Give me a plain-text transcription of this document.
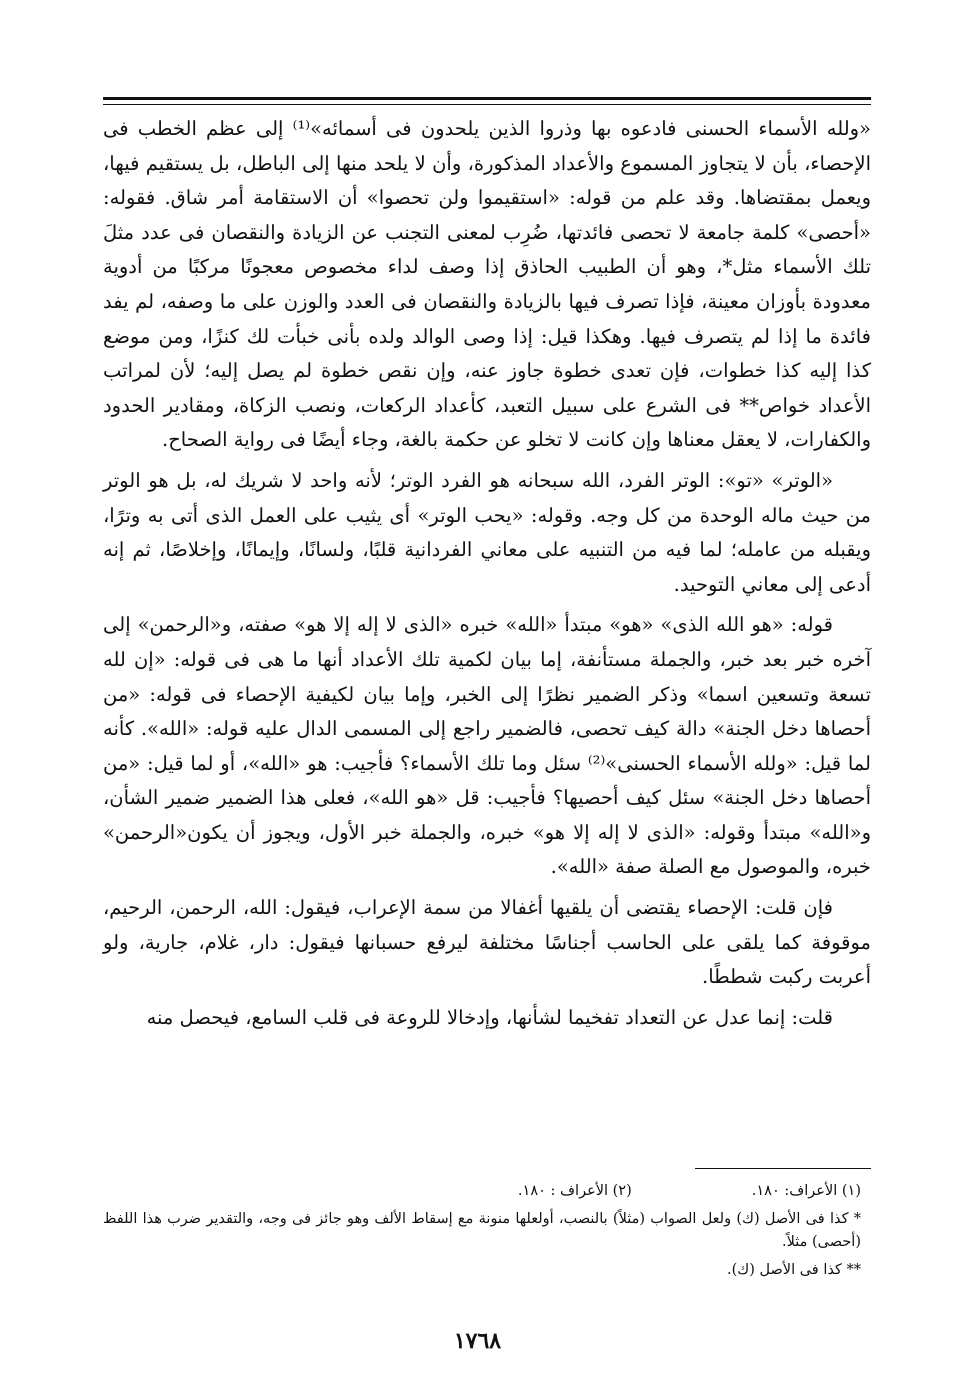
«ولله الأسماء الحسنى فادعوه بها وذروا الذين يلحدون فى أسمائه»⁽¹⁾ إلى عظم الخطب فى الإحصاء، بأن لا يتجاوز المسموع والأعداد المذكورة، وأن لا يلحد منها إلى الباطل، بل يستقيم فيها، ويعمل بمقتضاها. وقد علم من قوله: «استقيموا ولن تحصوا» أن الاستقامة أمر شاق. فقوله: «أحصى» كلمة جامعة لا تحصى فائدتها، ضُرِب لمعنى التجنب عن الزيادة والنقصان فى عدد مثلَ تلك الأسماء مثل*، وهو أن الطبيب الحاذق إذا وصف لداء مخصوص معجونًا مركبًا من أدوية معدودة بأوزان معينة، فإذا تصرف فيها بالزيادة والنقصان فى العدد والوزن على ما وصفه، لم يفد فائدة ما إذا لم يتصرف فيها. وهكذا قيل: إذا وصى الوالد ولده بأنى خبأت لك كنزًا، ومن موضع كذا إليه كذا خطوات، فإن تعدى خطوة جاوز عنه، وإن نقص خطوة لم يصل إليه؛ لأن لمراتب الأعداد خواص** فى الشرع على سبيل التعبد، كأعداد الركعات، ونصب الزكاة، ومقادير الحدود والكفارات، لا يعقل معناها وإن كانت لا تخلو عن حكمة بالغة، وجاء أيضًا فى رواية الصحاح.

«الوتر» «تو»: الوتر الفرد، الله سبحانه هو الفرد الوتر؛ لأنه واحد لا شريك له، بل هو الوتر من حيث ماله الوحدة من كل وجه. وقوله: «يحب الوتر» أى يثيب على العمل الذى أتى به وترًا، ويقبله من عامله؛ لما فيه من التنبيه على معاني الفردانية قلبًا، ولسانًا، وإيمانًا، وإخلاصًا، ثم إنه أدعى إلى معاني التوحيد.

قوله: «هو الله الذى» «هو» مبتدأ «الله» خبره «الذى لا إله إلا هو» صفته، و«الرحمن» إلى آخره خبر بعد خبر، والجملة مستأنفة، إما بيان لكمية تلك الأعداد أنها ما هى فى قوله: «إن لله تسعة وتسعين اسما» وذكر الضمير نظرًا إلى الخبر، وإما بيان لكيفية الإحصاء فى قوله: «من أحصاها دخل الجنة» دالة كيف تحصى، فالضمير راجع إلى المسمى الدال عليه قوله: «الله». كأنه لما قيل: «ولله الأسماء الحسنى»⁽²⁾ سئل وما تلك الأسماء؟ فأجيب: هو «الله»، أو لما قيل: «من أحصاها دخل الجنة» سئل كيف أحصيها؟ فأجيب: قل «هو الله»، فعلى هذا الضمير ضمير الشأن، و«الله» مبتدأ وقوله: «الذى لا إله إلا هو» خبره، والجملة خبر الأول، ويجوز أن يكون«الرحمن» خبره، والموصول مع الصلة صفة «الله».

فإن قلت: الإحصاء يقتضى أن يلقيها أغفالا من سمة الإعراب، فيقول: الله، الرحمن، الرحيم، موقوفة كما يلقى على الحاسب أجناسًا مختلفة ليرفع حسبانها فيقول: دار، غلام، جارية، ولو أعربت ركبت شططًا.

قلت: إنما عدل عن التعداد تفخيما لشأنها، وإدخالا للروعة فى قلب السامع، فيحصل منه

(١) الأعراف: ١٨٠.
(٢) الأعراف : ١٨٠.

* كذا فى الأصل (ك) ولعل الصواب (مثلاً) بالنصب، أولعلها منونة مع إسقاط الألف وهو جائز فى وجه، والتقدير ضرب هذا اللفظ (أحصى) مثلاً.

** كذا فى الأصل (ك).

١٧٦٨
